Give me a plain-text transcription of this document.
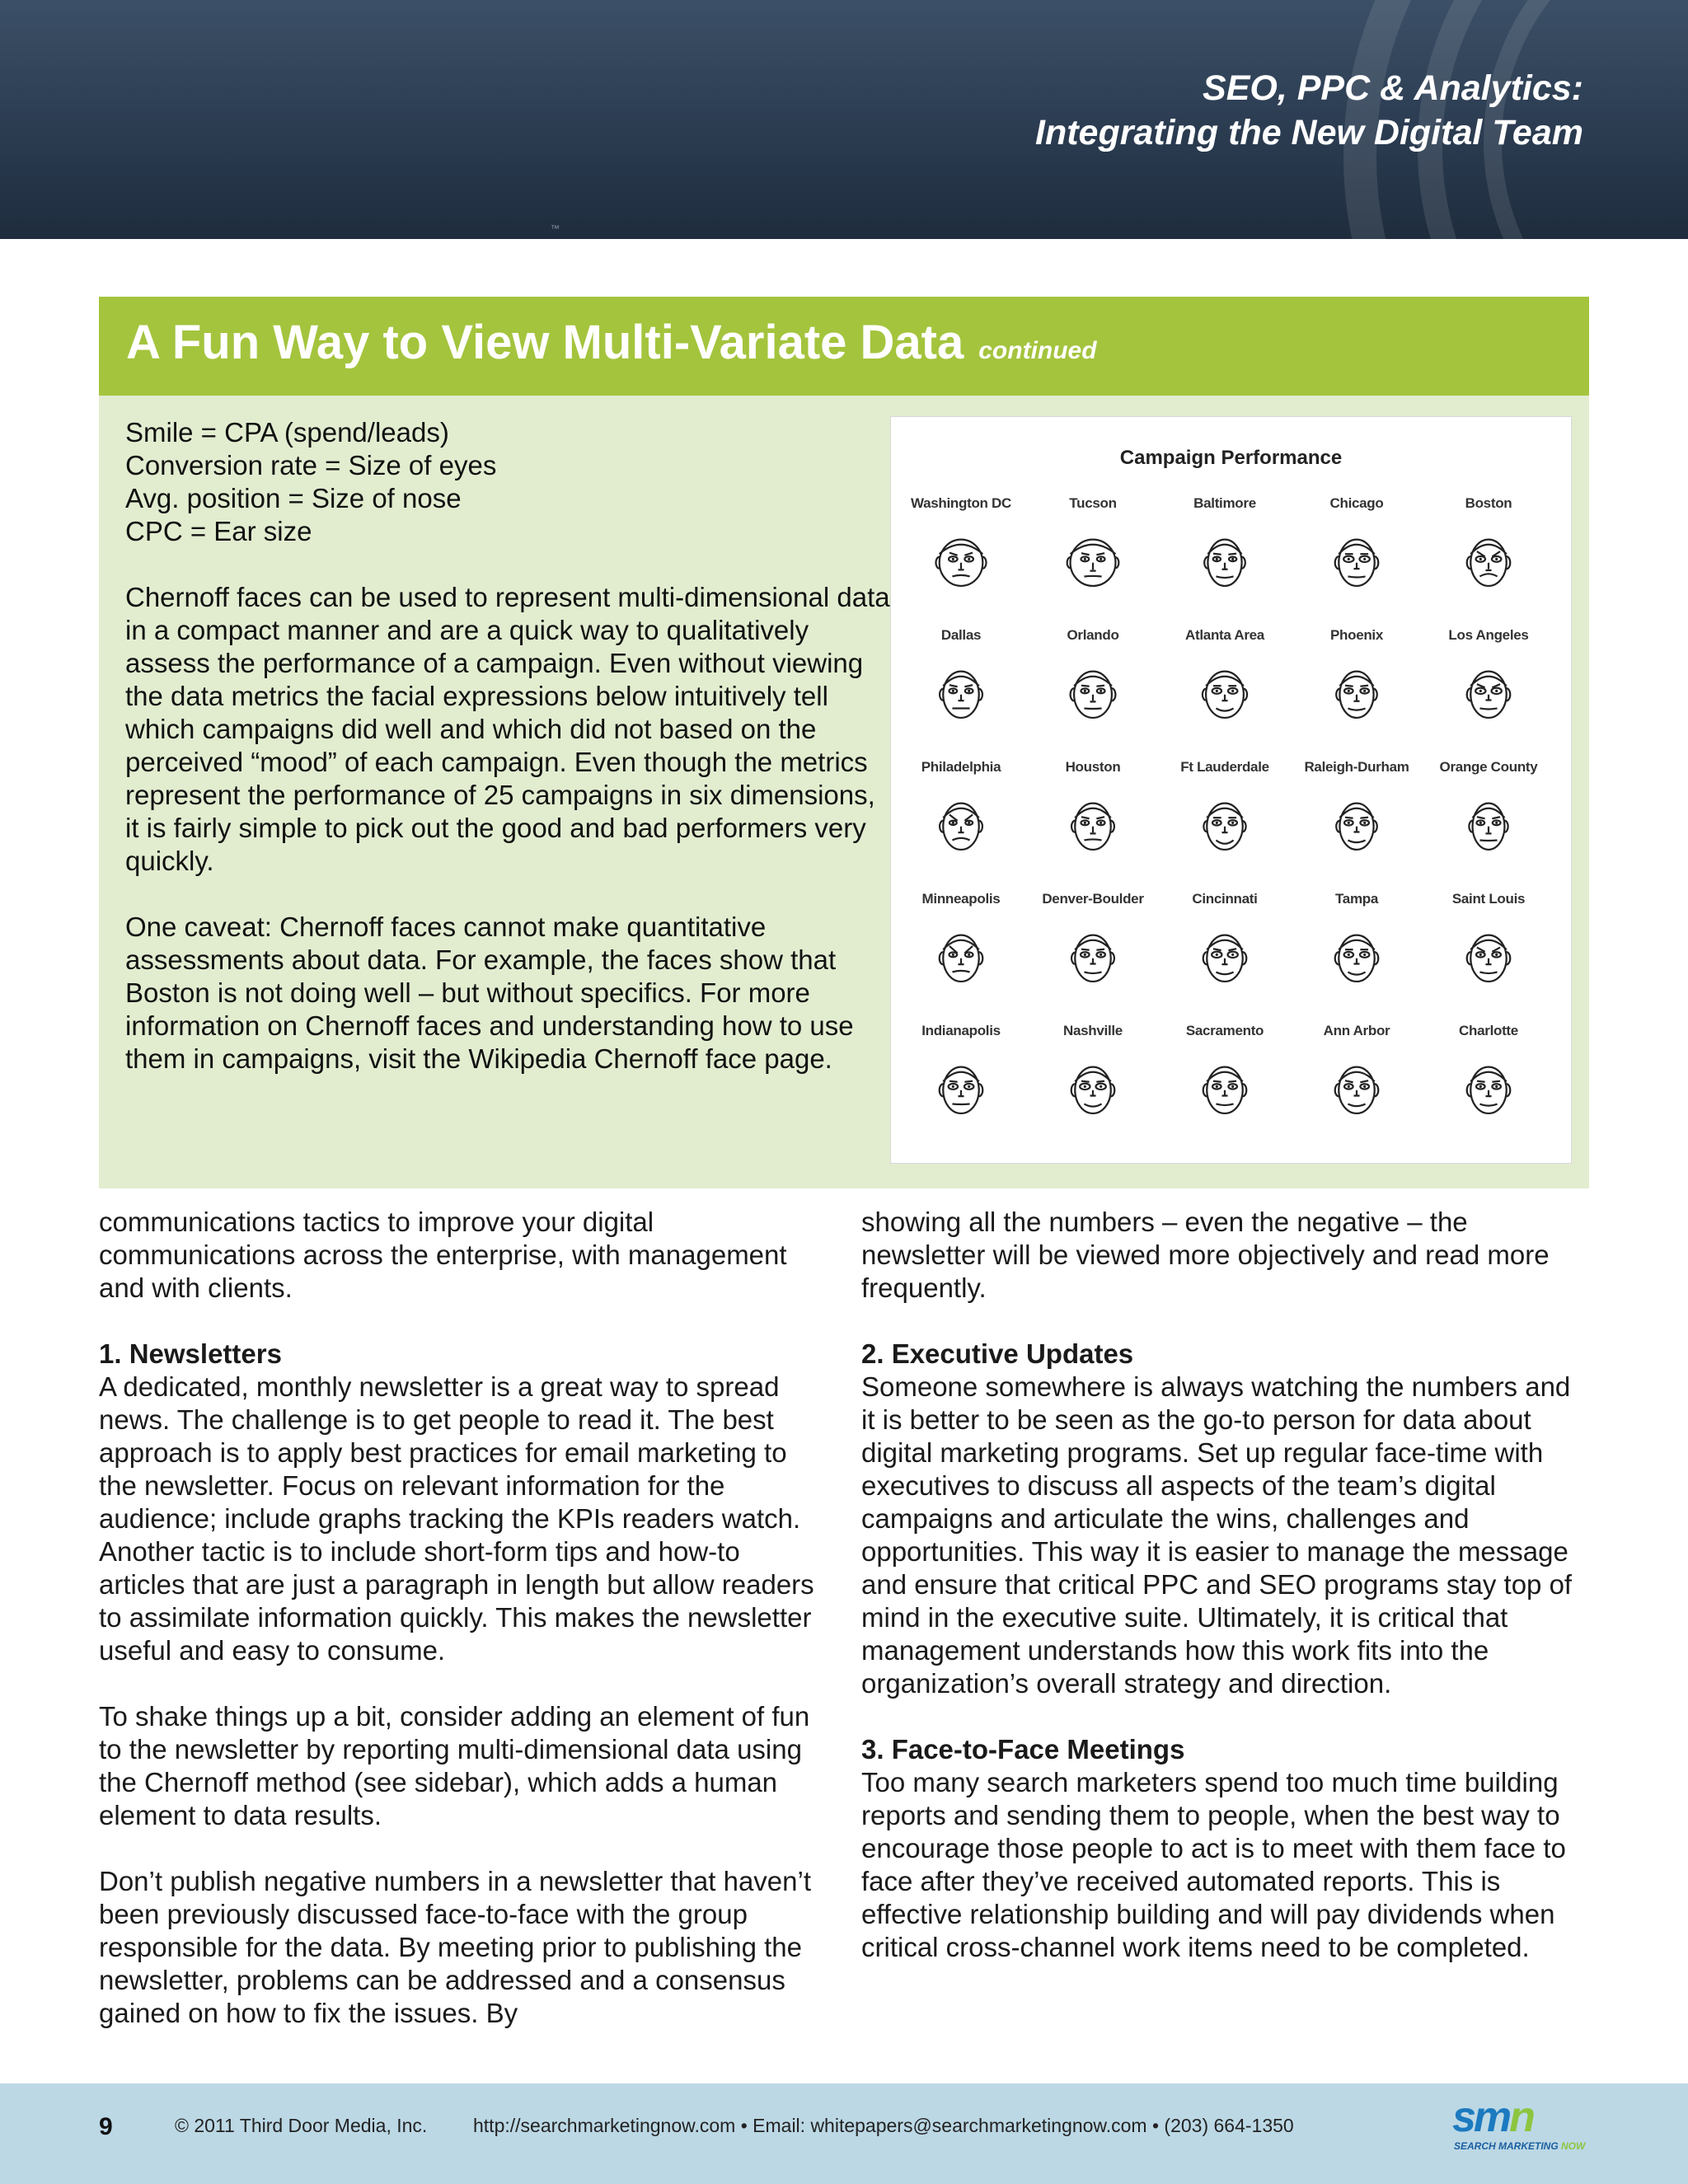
SEO, PPC & Analytics:
Integrating the New Digital Team
™
A Fun Way to View Multi-Variate Data continued
Smile = CPA (spend/leads)
Conversion rate = Size of eyes
Avg. position = Size of nose
CPC = Ear size

Chernoff faces can be used to represent multi-dimensional data in a compact manner and are a quick way to qualitatively assess the performance of a campaign. Even without viewing the data metrics the facial expressions below intuitively tell which campaigns did well and which did not based on the perceived “mood” of each campaign. Even though the metrics represent the performance of 25 campaigns in six dimensions, it is fairly simple to pick out the good and bad performers very quickly.

One caveat: Chernoff faces cannot make quantitative assessments about data. For example, the faces show that Boston is not doing well – but without specifics. For more information on Chernoff faces and understanding how to use them in campaigns, visit the Wikipedia Chernoff face page.

Campaign Performance
Washington DC	Tucson	Baltimore	Chicago	Boston
Dallas	Orlando	Atlanta Area	Phoenix	Los Angeles
Philadelphia	Houston	Ft Lauderdale	Raleigh-Durham	Orange County
Minneapolis	Denver-Boulder	Cincinnati	Tampa	Saint Louis
Indianapolis	Nashville	Sacramento	Ann Arbor	Charlotte

communications tactics to improve your digital communications across the enterprise, with management and with clients.

1. Newsletters

A dedicated, monthly newsletter is a great way to spread news. The challenge is to get people to read it. The best approach is to apply best practices for email marketing to the newsletter. Focus on relevant information for the audience; include graphs tracking the KPIs readers watch. Another tactic is to include short-form tips and how-to articles that are just a paragraph in length but allow readers to assimilate information quickly. This makes the newsletter useful and easy to consume.

To shake things up a bit, consider adding an element of fun to the newsletter by reporting multi-dimensional data using the Chernoff method (see sidebar), which adds a human element to data results.

Don’t publish negative numbers in a newsletter that haven’t been previously discussed face-to-face with the group responsible for the data. By meeting prior to publishing the newsletter, problems can be addressed and a consensus gained on how to fix the issues. By

showing all the numbers – even the negative – the newsletter will be viewed more objectively and read more frequently.

2. Executive Updates

Someone somewhere is always watching the numbers and it is better to be seen as the go-to person for data about digital marketing programs. Set up regular face-time with executives to discuss all aspects of the team’s digital campaigns and articulate the wins, challenges and opportunities. This way it is easier to manage the message and ensure that critical PPC and SEO programs stay top of mind in the executive suite. Ultimately, it is critical that management understands how this work fits into the organization’s overall strategy and direction.

3. Face-to-Face Meetings

Too many search marketers spend too much time building reports and sending them to people, when the best way to encourage those people to act is to meet with them face to face after they’ve received automated reports. This is effective relationship building and will pay dividends when critical cross-channel work items need to be completed.

9	© 2011 Third Door Media, Inc. http://searchmarketingnow.com • Email: whitepapers@searchmarketingnow.com • (203) 664-1350	smn
SEARCH MARKETING NOW
